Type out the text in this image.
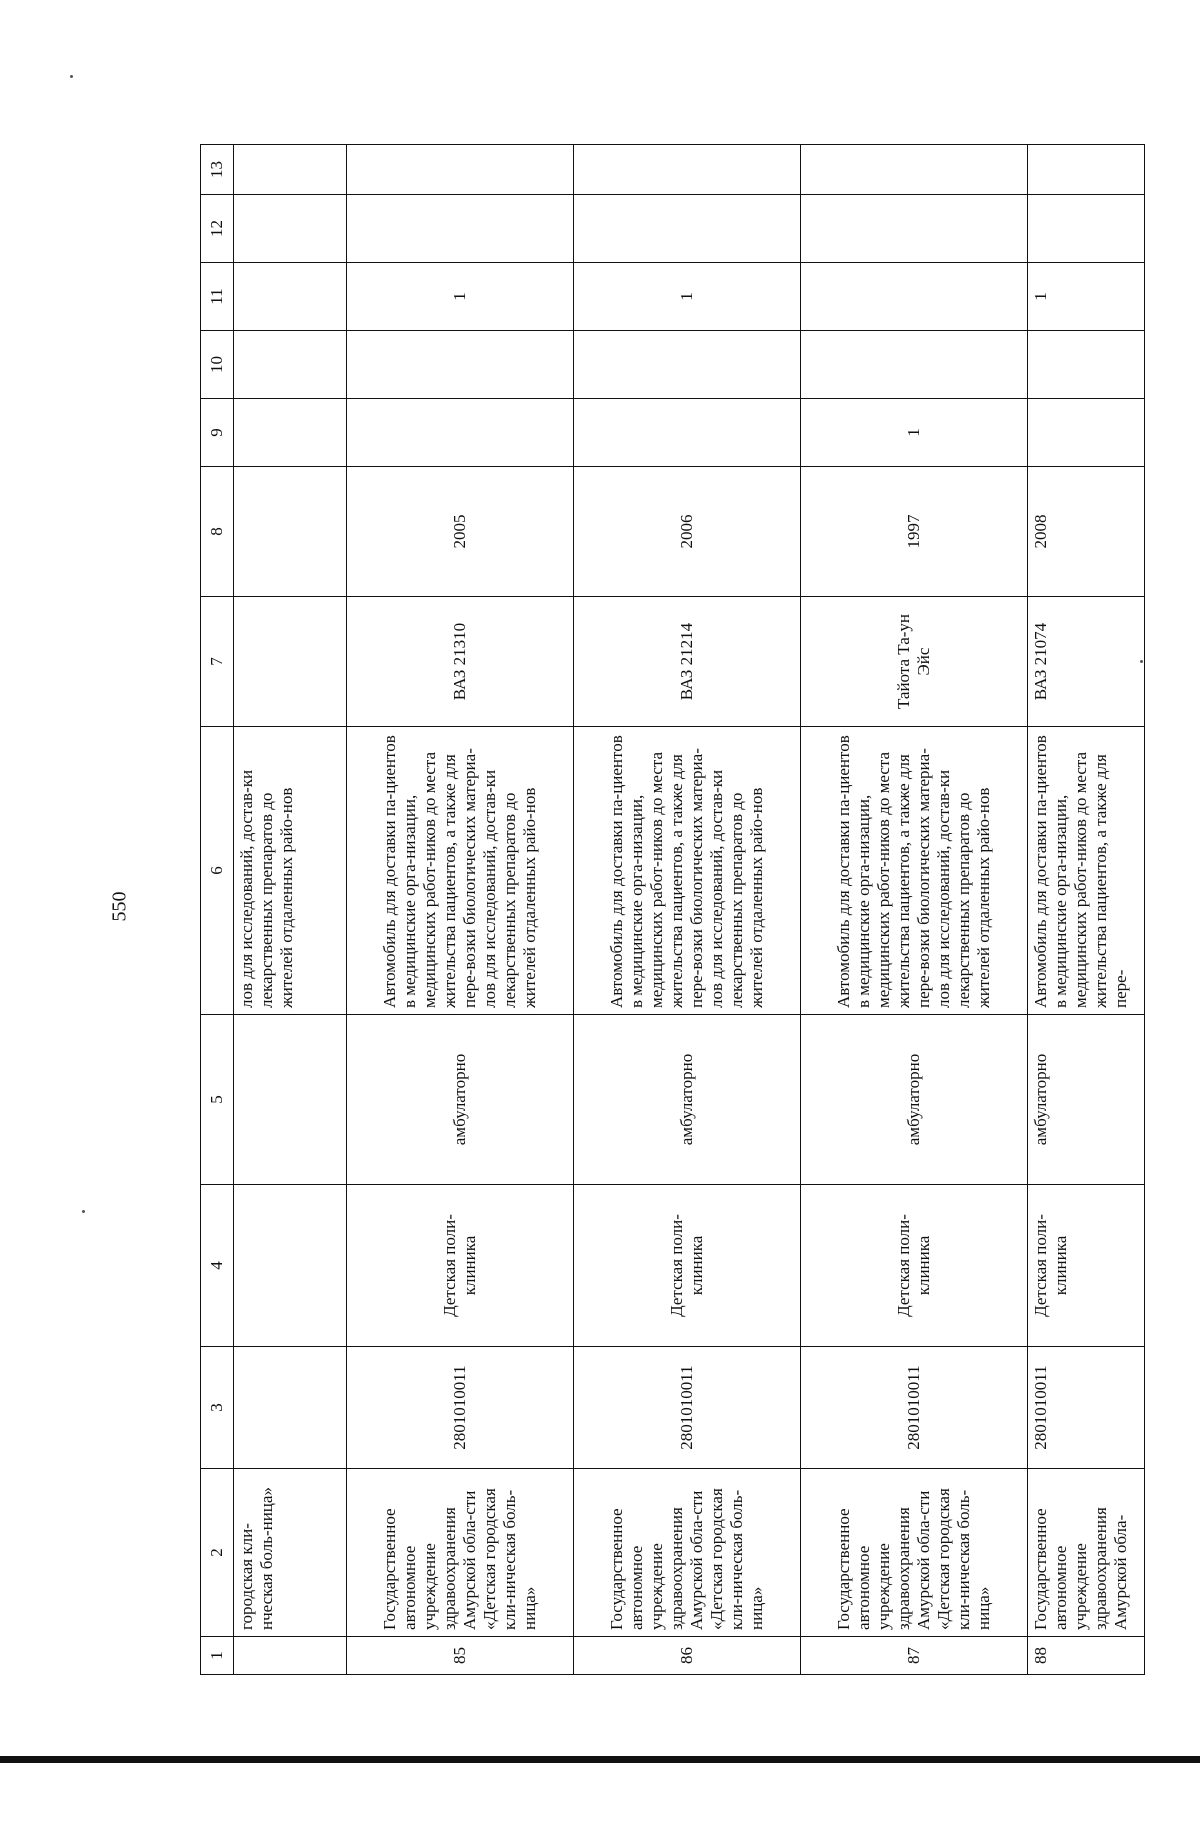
550
1	2	3	4	5	6	7	8	9	10	11	12	13
	городская кли-нческая боль-ница»				лов для исследований, достав-ки лекарственных препаратов до жителей отдаленных райо-нов							
85	Государственное автономное учреждение здравоохранения Амурской обла-сти «Детская городская кли-ническая боль-ница»	2801010011	Детская поли-клиника	амбулаторно	Автомобиль для доставки па-циентов в медицинские орга-низации, медицинских работ-ников до места жительства пациентов, а также для пере-возки биологических материа-лов для исследований, достав-ки лекарственных препаратов до жителей отдаленных райо-нов	ВАЗ 21310	2005			1		
86	Государственное автономное учреждение здравоохранения Амурской обла-сти «Детская городская кли-ническая боль-ница»	2801010011	Детская поли-клиника	амбулаторно	Автомобиль для доставки па-циентов в медицинские орга-низации, медицинских работ-ников до места жительства пациентов, а также для пере-возки биологических материа-лов для исследований, достав-ки лекарственных препаратов до жителей отдаленных райо-нов	ВАЗ 21214	2006			1		
87	Государственное автономное учреждение здравоохранения Амурской обла-сти «Детская городская кли-ническая боль-ница»	2801010011	Детская поли-клиника	амбулаторно	Автомобиль для доставки па-циентов в медицинские орга-низации, медицинских работ-ников до места жительства пациентов, а также для пере-возки биологических материа-лов для исследований, достав-ки лекарственных препаратов до жителей отдаленных райо-нов	Тайота Та-ун Эйс	1997	1				
88	Государственное автономное учреждение здравоохранения Амурской обла-	2801010011	Детская поли-клиника	амбулаторно	Автомобиль для доставки па-циентов в медицинские орга-низации, медицинских работ-ников до места жительства пациентов, а также для пере-	ВАЗ 21074	2008			1		
